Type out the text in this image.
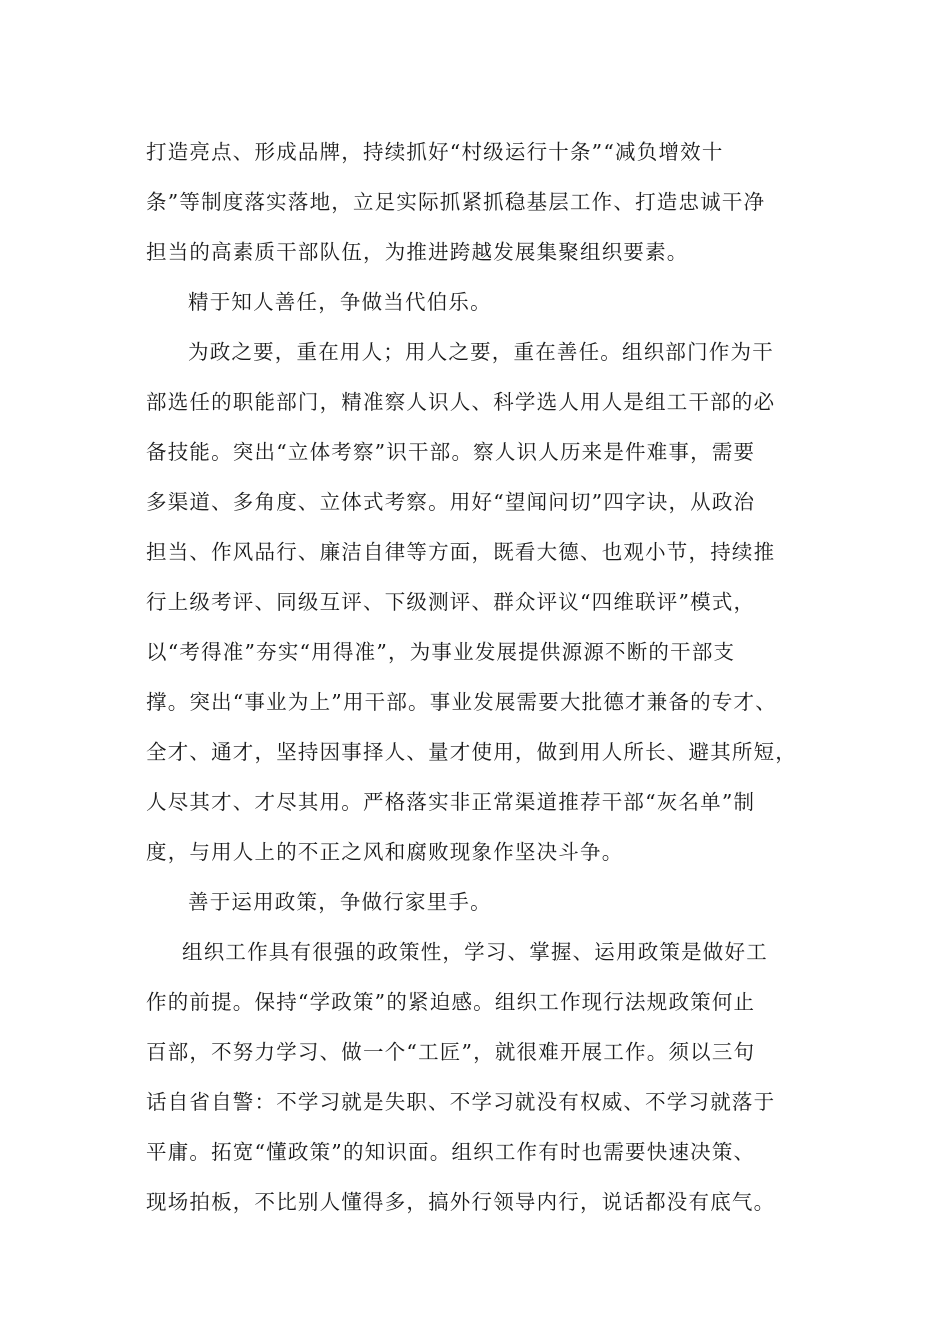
打造亮点、形成品牌，持续抓好“村级运行十条”“减负增效十
条”等制度落实落地，立足实际抓紧抓稳基层工作、打造忠诚干净
担当的高素质干部队伍，为推进跨越发展集聚组织要素。
精于知人善任，争做当代伯乐。
为政之要，重在用人；用人之要，重在善任。组织部门作为干
部选任的职能部门，精准察人识人、科学选人用人是组工干部的必
备技能。突出“立体考察”识干部。察人识人历来是件难事，需要
多渠道、多角度、立体式考察。用好“望闻问切”四字诀，从政治
担当、作风品行、廉洁自律等方面，既看大德、也观小节，持续推
行上级考评、同级互评、下级测评、群众评议“四维联评”模式，
以“考得准”夯实“用得准”，为事业发展提供源源不断的干部支
撑。突出“事业为上”用干部。事业发展需要大批德才兼备的专才、
全才、通才，坚持因事择人、量才使用，做到用人所长、避其所短，
人尽其才、才尽其用。严格落实非正常渠道推荐干部“灰名单”制
度，与用人上的不正之风和腐败现象作坚决斗争。
善于运用政策，争做行家里手。
组织工作具有很强的政策性，学习、掌握、运用政策是做好工
作的前提。保持“学政策”的紧迫感。组织工作现行法规政策何止
百部，不努力学习、做一个“工匠”，就很难开展工作。须以三句
话自省自警：不学习就是失职、不学习就没有权威、不学习就落于
平庸。拓宽“懂政策”的知识面。组织工作有时也需要快速决策、
现场拍板，不比别人懂得多，搞外行领导内行，说话都没有底气。
